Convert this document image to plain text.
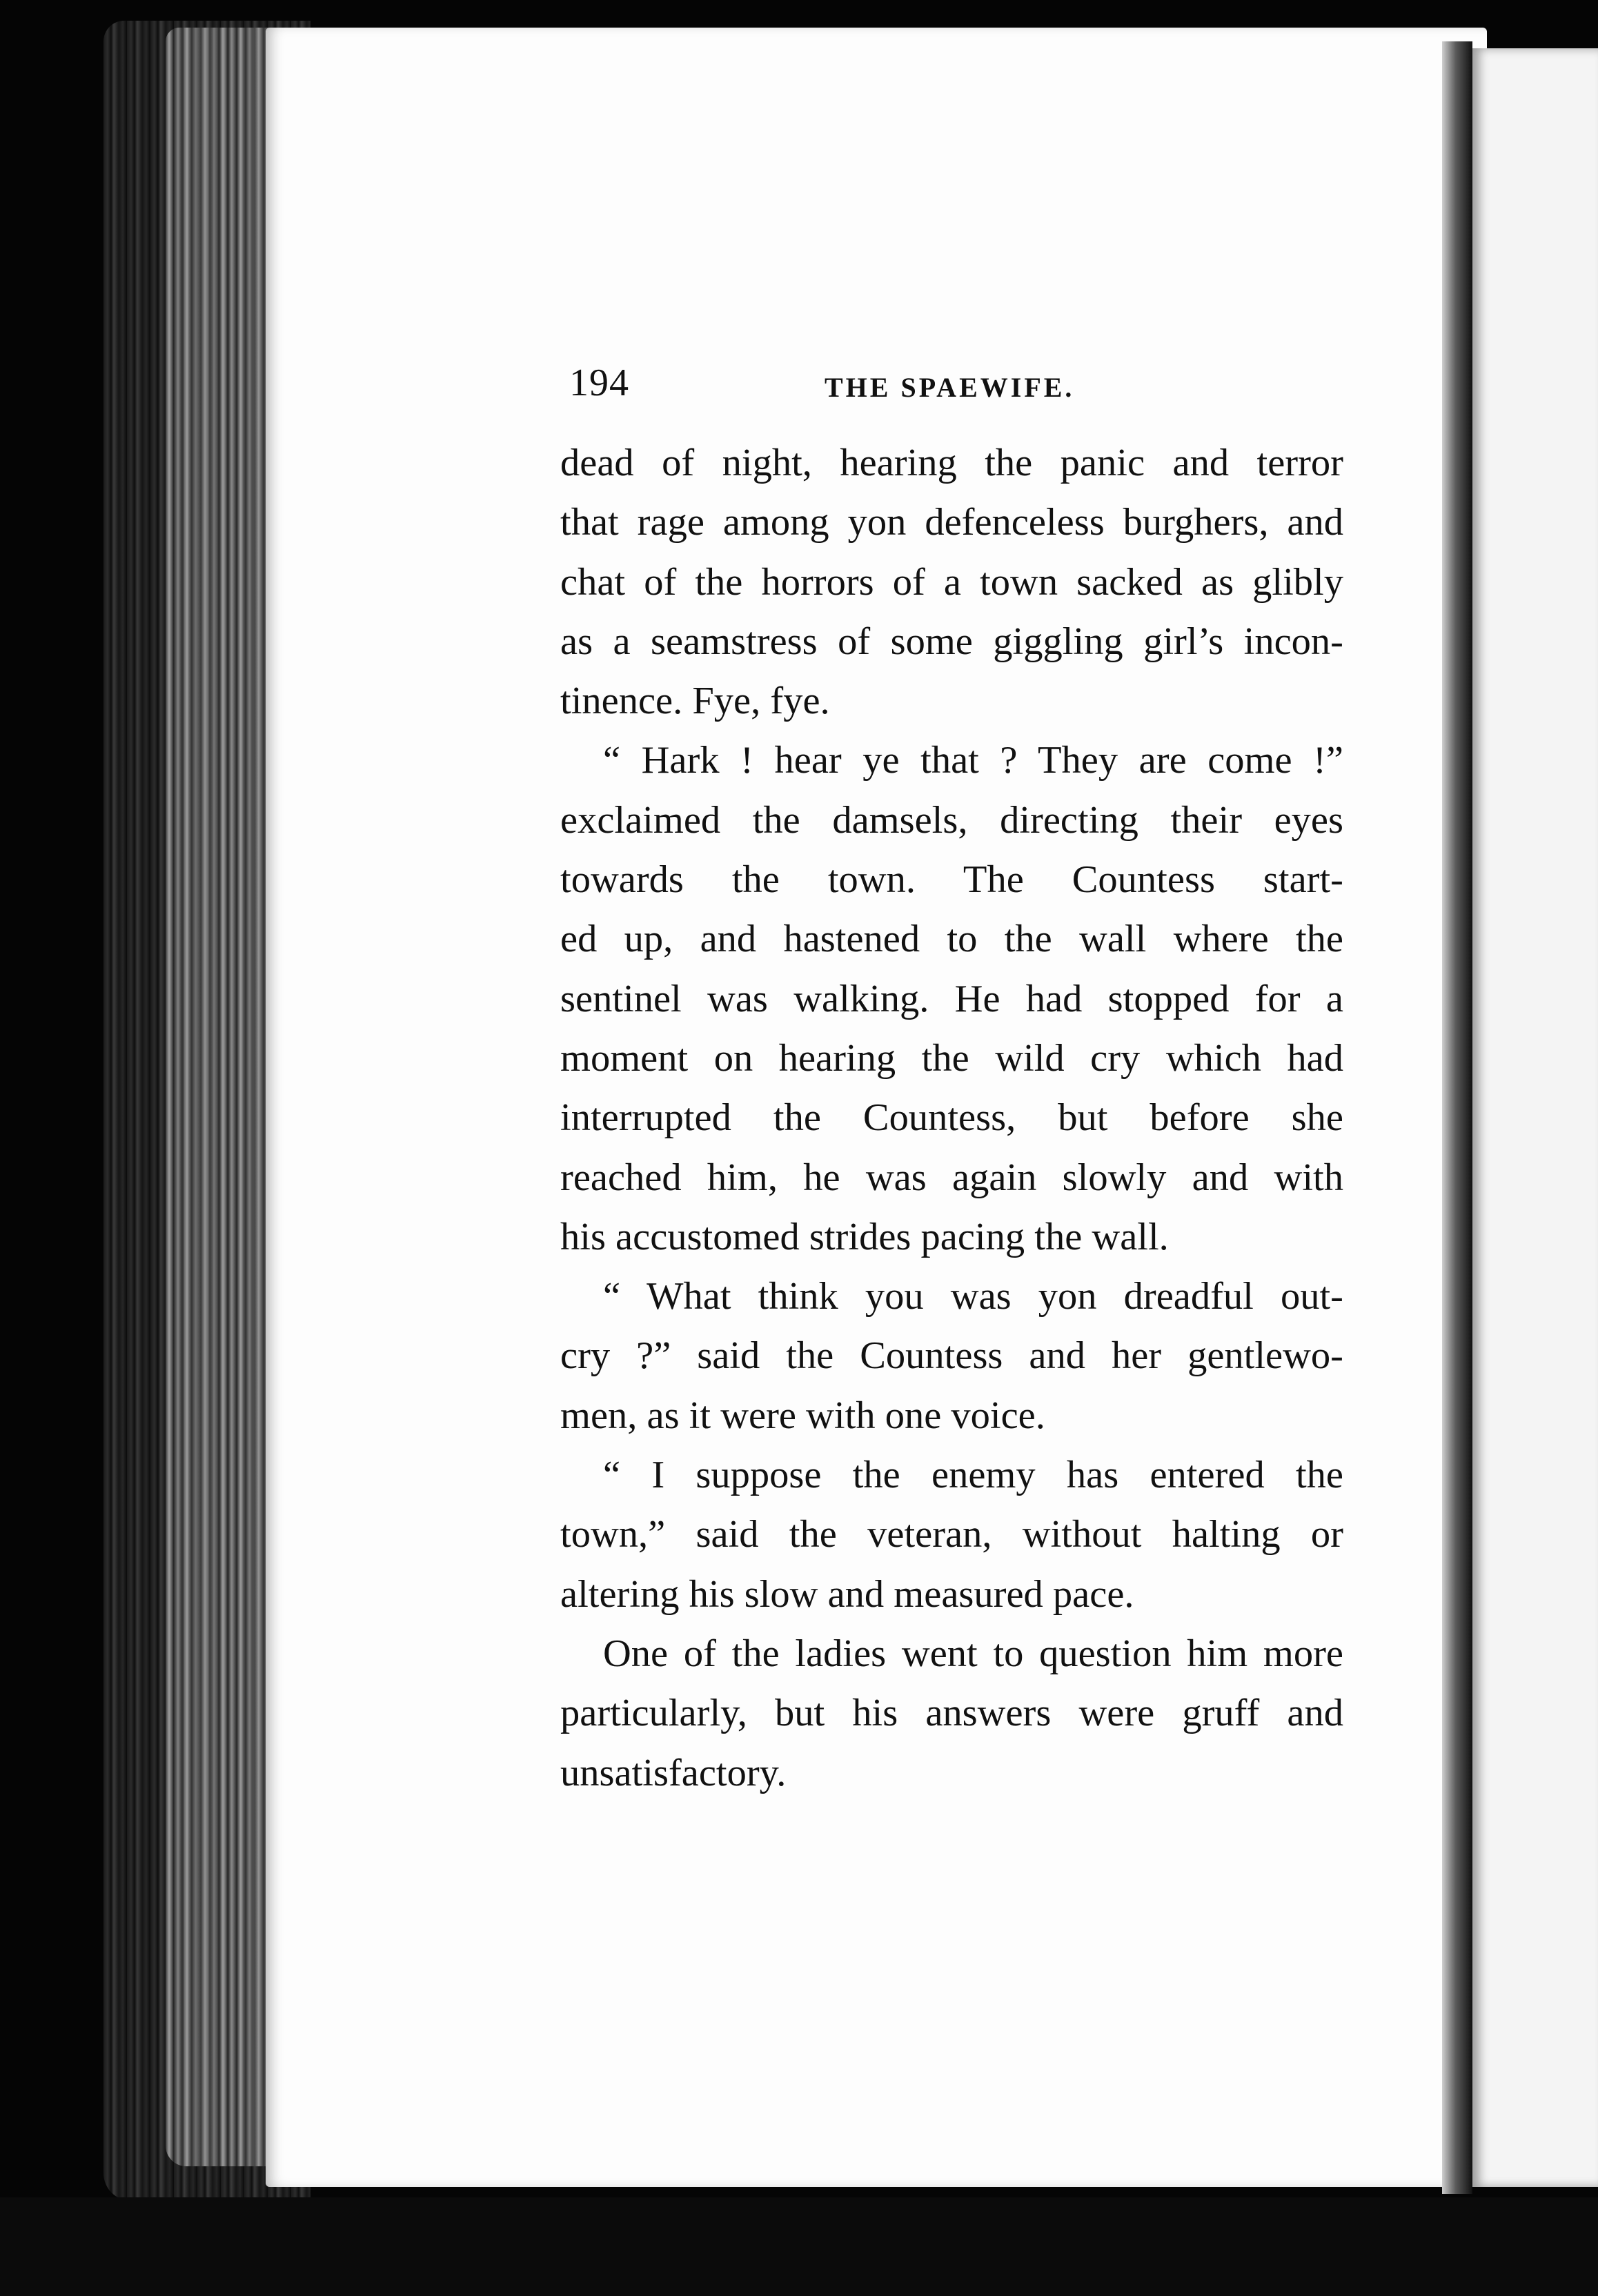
194	THE SPAEWIFE.
dead of night, hearing the panic and terror
that rage among yon defenceless burghers, and
chat of the horrors of a town sacked as glibly
as a seamstress of some giggling girl’s incon-
tinence. Fye, fye.
“ Hark ! hear ye that ? They are come !”
exclaimed the damsels, directing their eyes
towards the town. The Countess start-
ed up, and hastened to the wall where the
sentinel was walking. He had stopped for a
moment on hearing the wild cry which had
interrupted the Countess, but before she
reached him, he was again slowly and with
his accustomed strides pacing the wall.
“ What think you was yon dreadful out-
cry ?” said the Countess and her gentlewo-
men, as it were with one voice.
“ I suppose the enemy has entered the
town,” said the veteran, without halting or
altering his slow and measured pace.
One of the ladies went to question him more
particularly, but his answers were gruff and
unsatisfactory.
